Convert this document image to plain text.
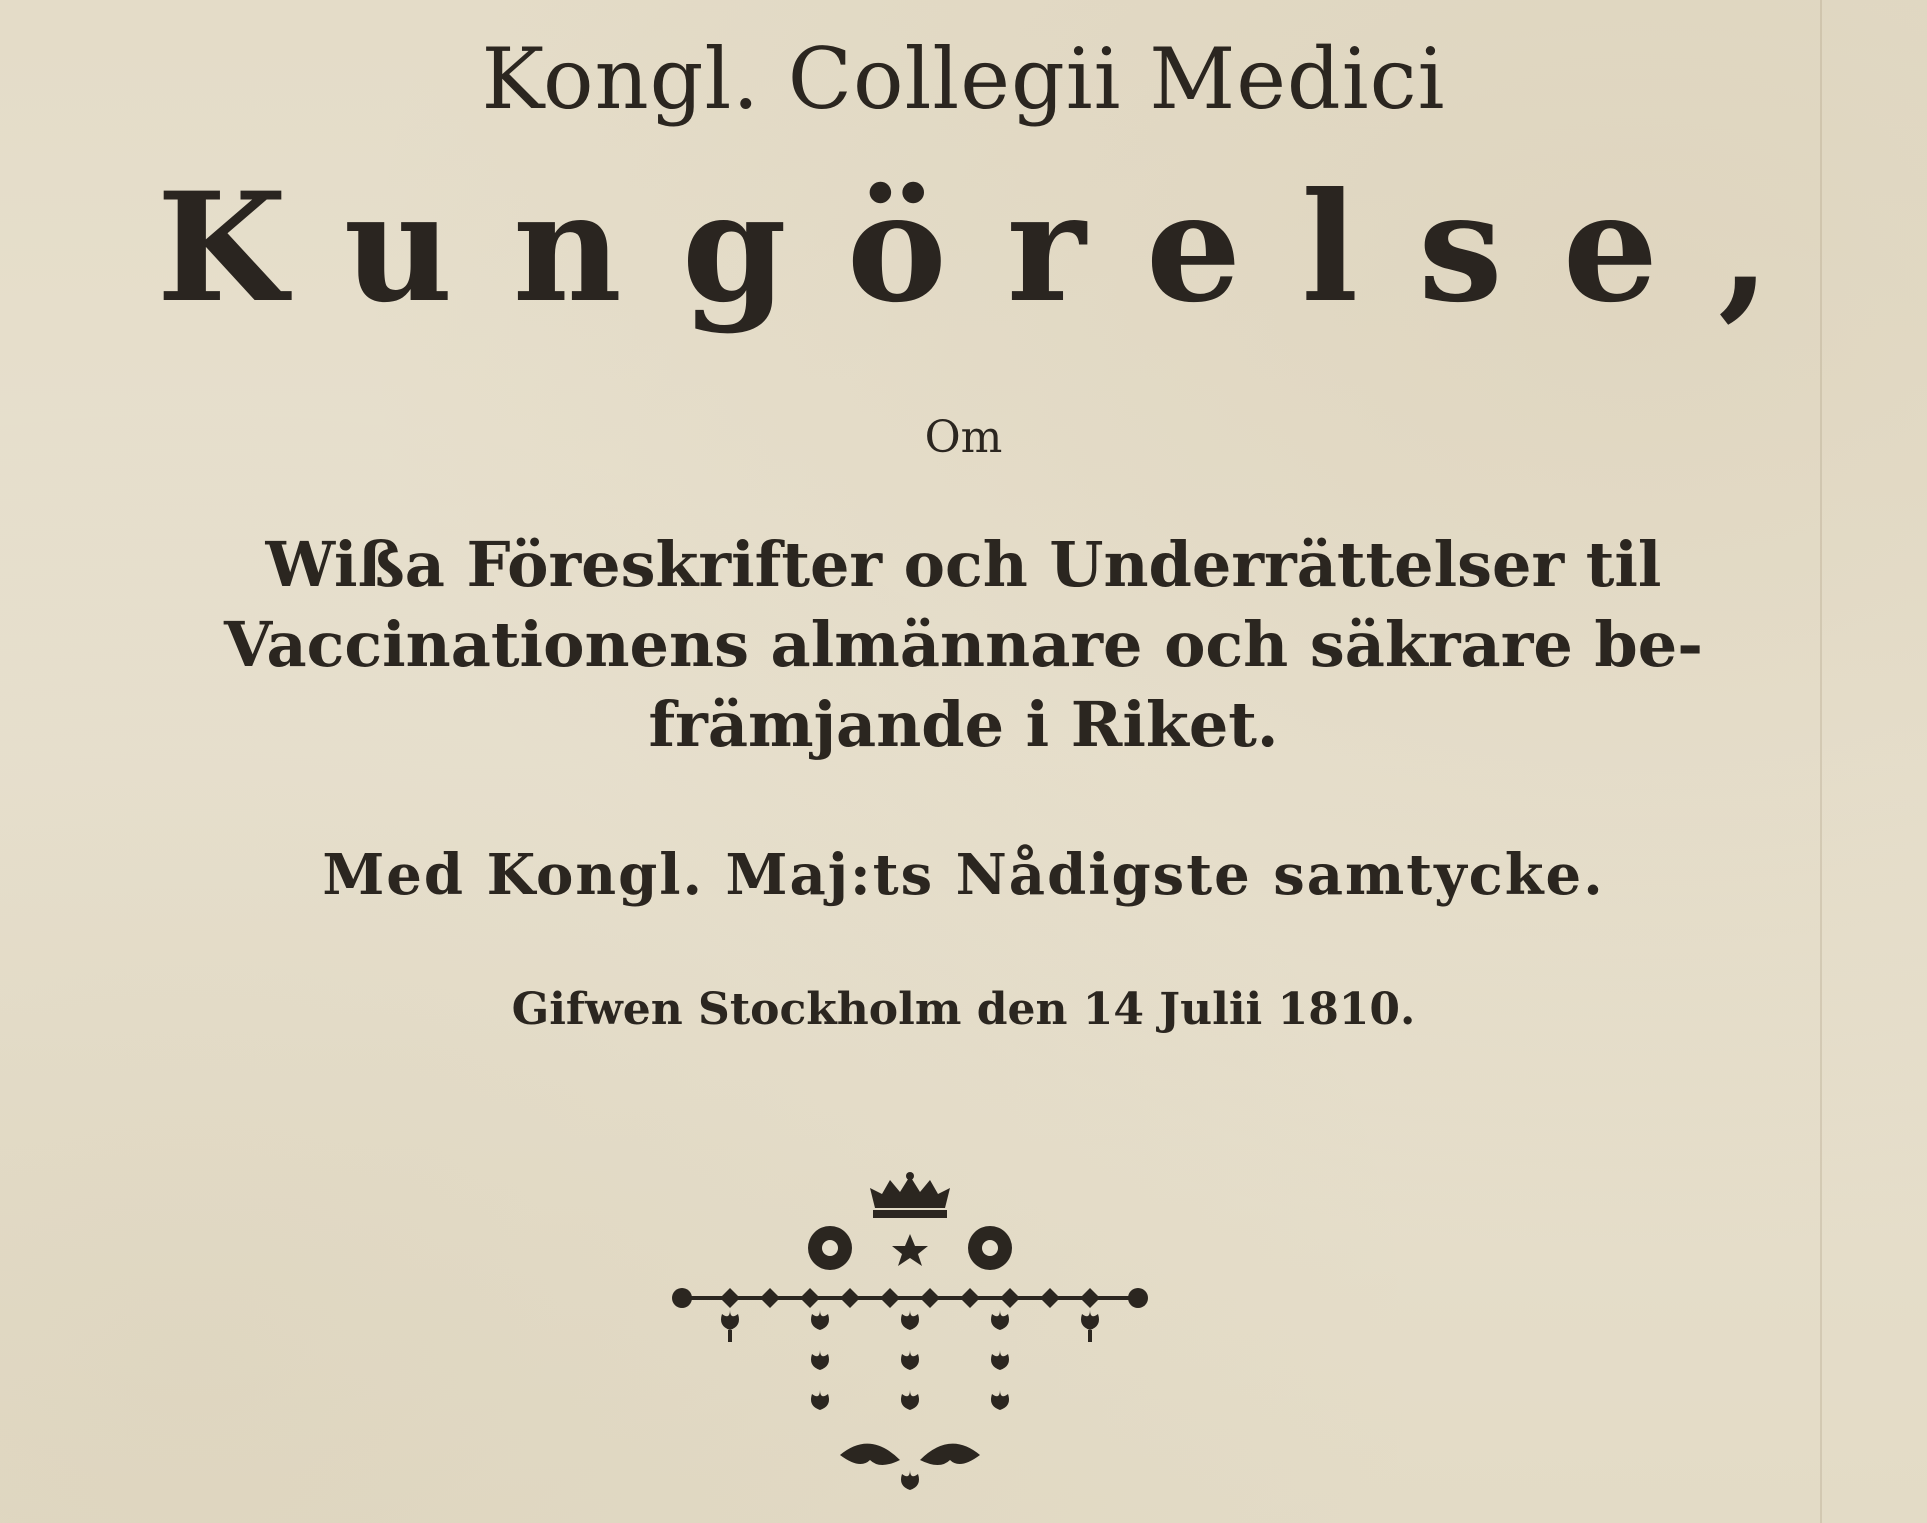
Kongl. Collegii Medici
Kungörelse,
Om
Wißa Föreskrifter och Underrättelser til
Vaccinationens almännare och säkrare be-
främjande i Riket.
Med Kongl. Maj:ts Nådigste samtycke.
Gifwen Stockholm den 14 Julii 1810.
